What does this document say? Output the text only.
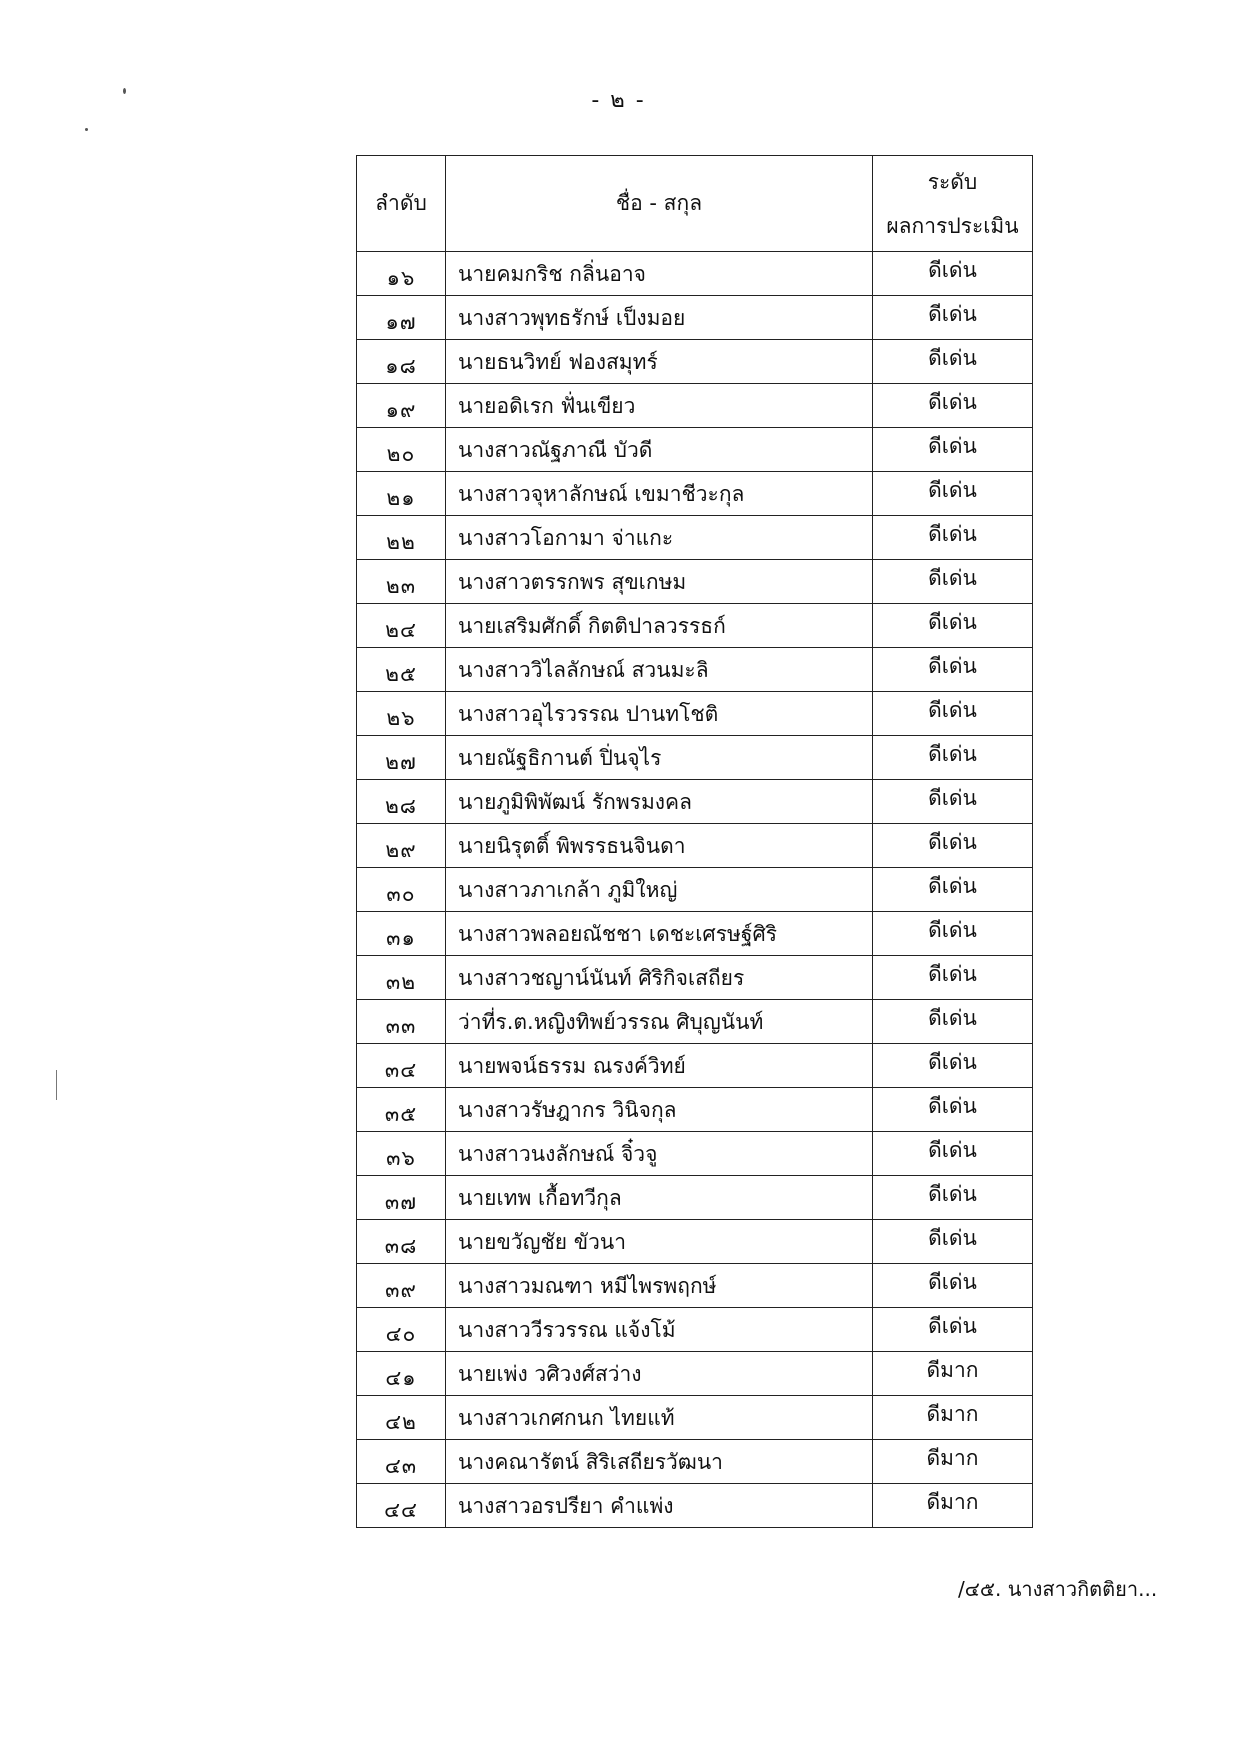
- ๒ -
ลำดับ	ชื่อ - สกุล	ระดับ
ผลการประเมิน

๑๖	นายคมกริช กลิ่นอาจ	ดีเด่น
๑๗	นางสาวพุทธรักษ์ เป็งมอย	ดีเด่น
๑๘	นายธนวิทย์ ฟองสมุทร์	ดีเด่น
๑๙	นายอดิเรก ฟั่นเขียว	ดีเด่น
๒๐	นางสาวณัฐภาณี บัวดี	ดีเด่น
๒๑	นางสาวจุหาลักษณ์ เขมาชีวะกุล	ดีเด่น
๒๒	นางสาวโอกามา จ่าแกะ	ดีเด่น
๒๓	นางสาวตรรกพร สุขเกษม	ดีเด่น
๒๔	นายเสริมศักดิ์ กิตติปาลวรรธก์	ดีเด่น
๒๕	นางสาววิไลลักษณ์ สวนมะลิ	ดีเด่น
๒๖	นางสาวอุไรวรรณ ปานทโชติ	ดีเด่น
๒๗	นายณัฐธิกานต์ ปิ่นจุไร	ดีเด่น
๒๘	นายภูมิพิพัฒน์ รักพรมงคล	ดีเด่น
๒๙	นายนิรุตติ์ พิพรรธนจินดา	ดีเด่น
๓๐	นางสาวภาเกล้า ภูมิใหญ่	ดีเด่น
๓๑	นางสาวพลอยณัชชา เดชะเศรษฐ์ศิริ	ดีเด่น
๓๒	นางสาวชญาน์นันท์ ศิริกิจเสถียร	ดีเด่น
๓๓	ว่าที่ร.ต.หญิงทิพย์วรรณ ศิบุญนันท์	ดีเด่น
๓๔	นายพจน์ธรรม ณรงค์วิทย์	ดีเด่น
๓๕	นางสาวรัษฎากร วินิจกุล	ดีเด่น
๓๖	นางสาวนงลักษณ์ จิ๋วจู	ดีเด่น
๓๗	นายเทพ เกื้อทวีกุล	ดีเด่น
๓๘	นายขวัญชัย ขัวนา	ดีเด่น
๓๙	นางสาวมณฑา หมีไพรพฤกษ์	ดีเด่น
๔๐	นางสาววีรวรรณ แจ้งโม้	ดีเด่น
๔๑	นายเพ่ง วศิวงศ์สว่าง	ดีมาก
๔๒	นางสาวเกศกนก ไทยแท้	ดีมาก
๔๓	นางคณารัตน์ สิริเสถียรวัฒนา	ดีมาก
๔๔	นางสาวอรปรียา คำแพ่ง	ดีมาก
/๔๕. นางสาวกิตติยา...
